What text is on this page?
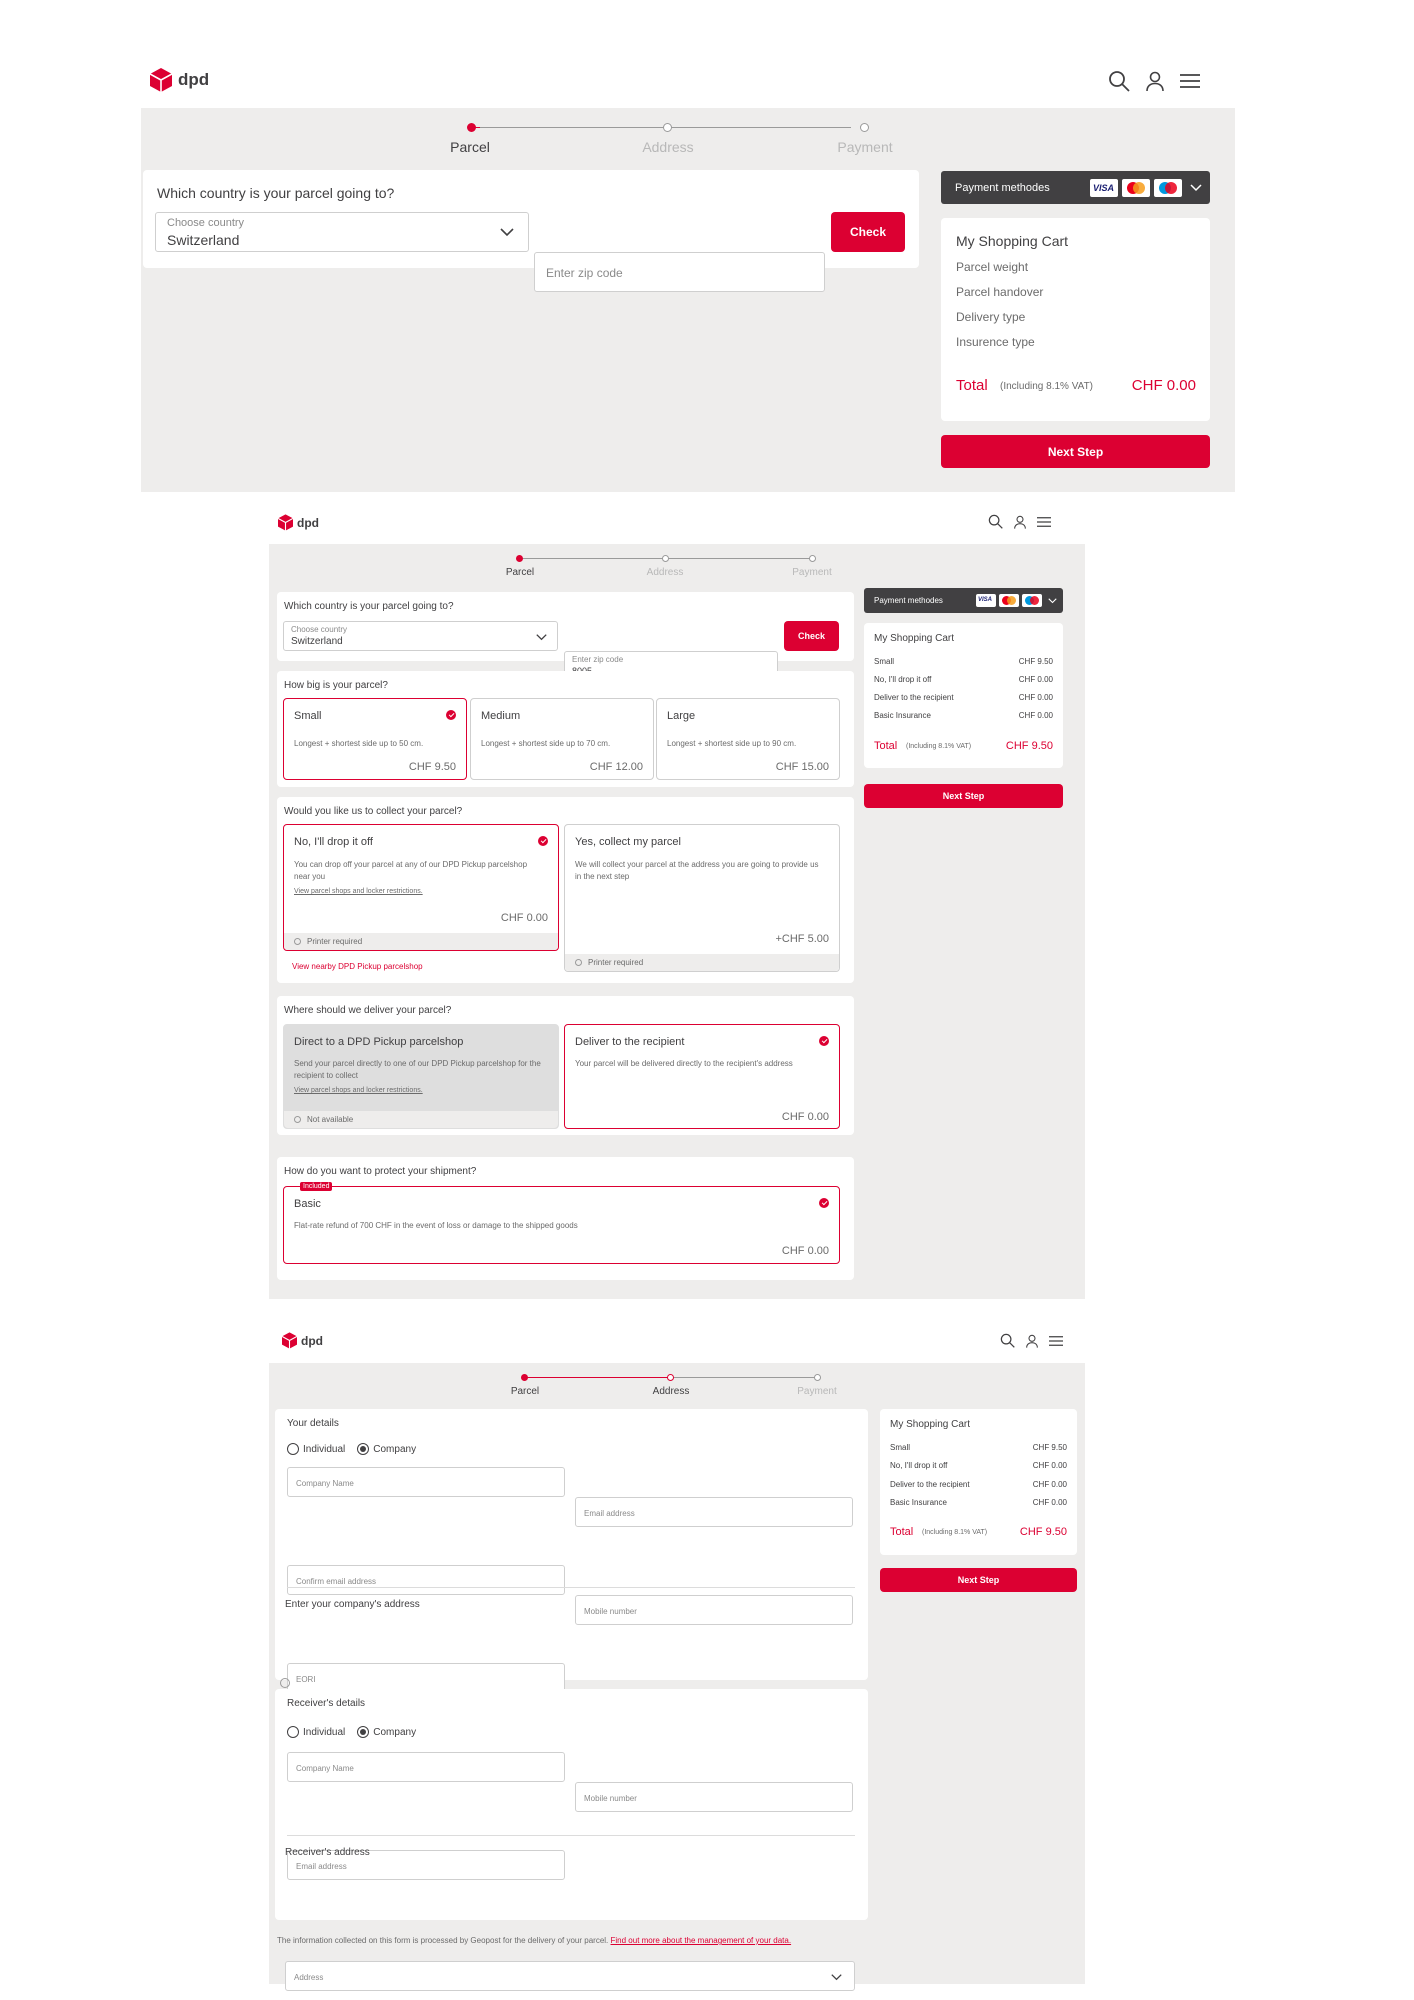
dpd
Parcel	Address	Payment
Which country is your parcel going to?
Choose country
Switzerland
Enter zip code
Check
Payment methodes	VISA
My Shopping Cart
Parcel weight
Parcel handover
Delivery type
Insurence type
Total (Including 8.1% VAT)	CHF 0.00
Next Step
dpd
Parcel	Address	Payment
Which country is your parcel going to?
Choose country
Switzerland
Enter zip code
Check
How big is your parcel?
Small
Longest + shortest side up to 50 cm.
CHF 9.50
Medium
Longest + shortest side up to 70 cm.
CHF 12.00
Large
Longest + shortest side up to 90 cm.
CHF 15.00
Would you like us to collect your parcel?
No, I'll drop it off
You can drop off your parcel at any of our DPD Pickup parcelshop near you
View parcel shops and locker restrictions.
CHF 0.00
Printer required
View nearby DPD Pickup parcelshop
Yes, collect my parcel
We will collect your parcel at the address you are going to provide us in the next step
+CHF 5.00
Printer required
Where should we deliver your parcel?
Direct to a DPD Pickup parcelshop
Send your parcel directly to one of our DPD Pickup parcelshop for the recipient to collect
View parcel shops and locker restrictions.
Not available
Deliver to the recipient
Your parcel will be delivered directly to the recipient's address
CHF 0.00
How do you want to protect your shipment?
Included
Basic
Flat-rate refund of 700 CHF in the event of loss or damage to the shipped goods
CHF 0.00
Payment methodes	VISA
My Shopping Cart
Small	CHF 9.50
No, I'll drop it off	CHF 0.00
Deliver to the recipient	CHF 0.00
Basic Insurance	CHF 0.00
Total (Including 8.1% VAT)	CHF 9.50
Next Step
dpd
Parcel	Address	Payment
Your details
Individual	Company
Company Name
Email address
Confirm email address
Mobile number
EORI
Enter your company's address
Receiver's details
Individual	Company
Company Name
Mobile number
Email address
Receiver's address
Address
The information collected on this form is processed by Geopost for the delivery of your parcel. Find out more about the management of your data.
My Shopping Cart
Small	CHF 9.50
No, I'll drop it off	CHF 0.00
Deliver to the recipient	CHF 0.00
Basic Insurance	CHF 0.00
Total (Including 8.1% VAT)	CHF 9.50
Next Step
